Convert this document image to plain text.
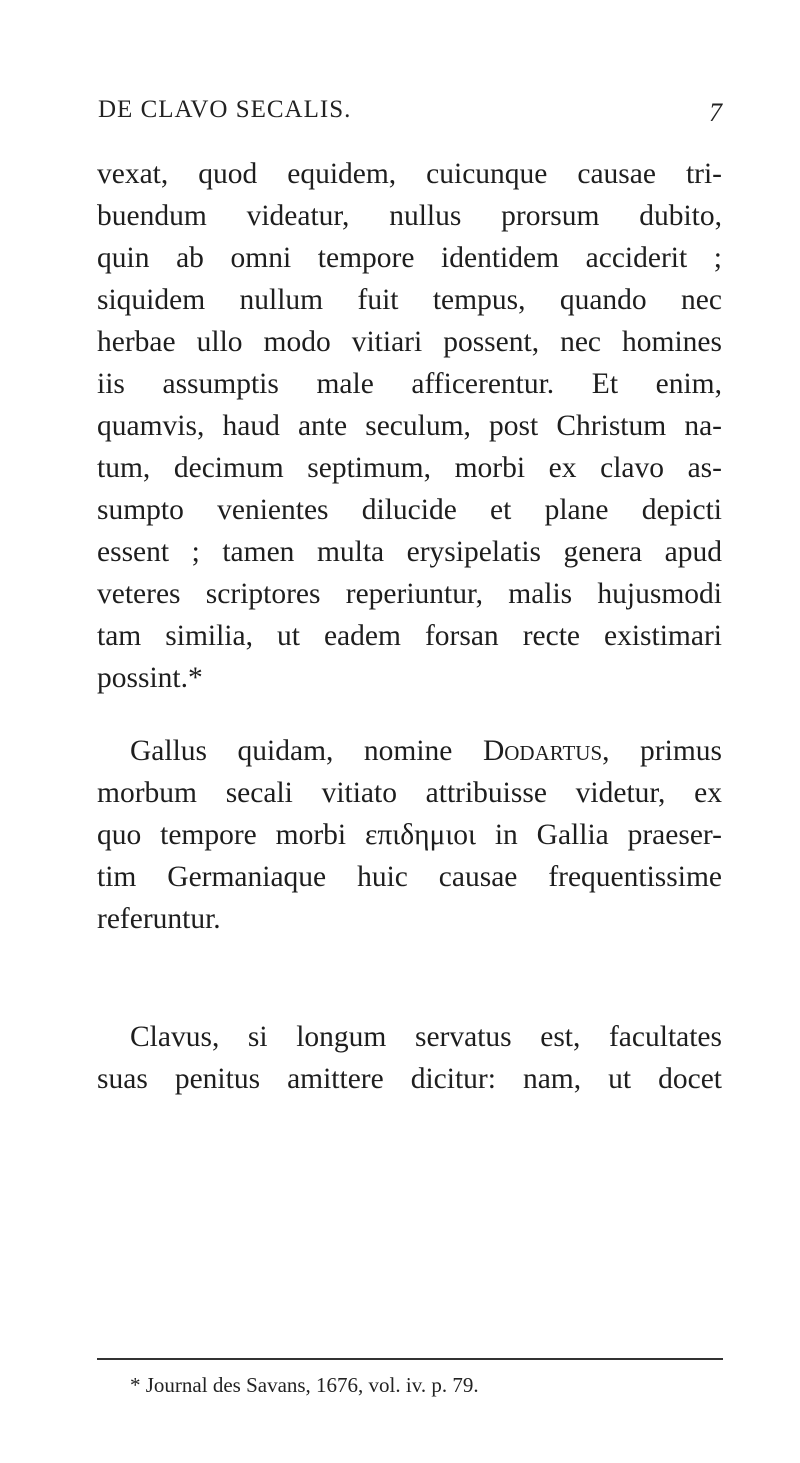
DE CLAVO SECALIS.	7
vexat, quod equidem, cuicunque causae tri-
buendum videatur, nullus prorsum dubito,
quin ab omni tempore identidem acciderit ;
siquidem nullum fuit tempus, quando nec
herbae ullo modo vitiari possent, nec homines
iis assumptis male afficerentur. Et enim,
quamvis, haud ante seculum, post Christum na-
tum, decimum septimum, morbi ex clavo as-
sumpto venientes dilucide et plane depicti
essent ; tamen multa erysipelatis genera apud
veteres scriptores reperiuntur, malis hujusmodi
tam similia, ut eadem forsan recte existimari
possint.*
Gallus quidam, nomine Dodartus, primus
morbum secali vitiato attribuisse videtur, ex
quo tempore morbi επιδημιοι in Gallia praeser-
tim Germaniaque huic causae frequentissime
referuntur.
Clavus, si longum servatus est, facultates
suas penitus amittere dicitur: nam, ut docet
* Journal des Savans, 1676, vol. iv. p. 79.
